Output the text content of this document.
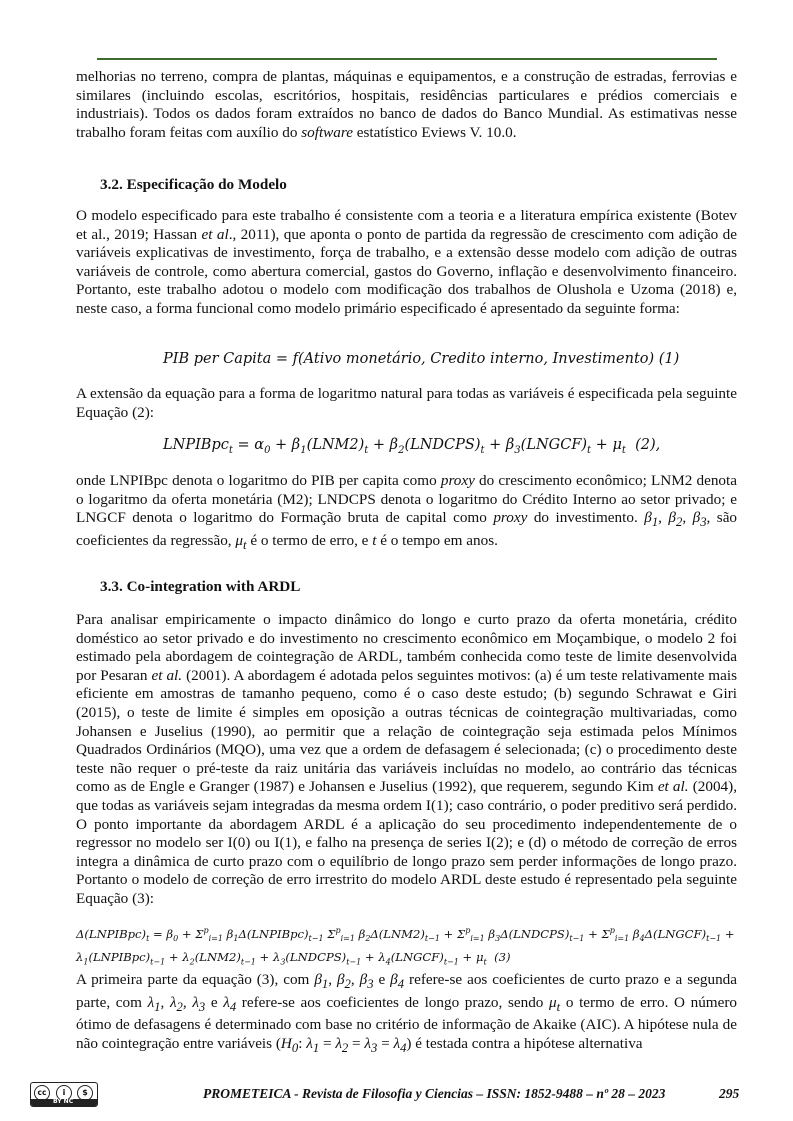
melhorias no terreno, compra de plantas, máquinas e equipamentos, e a construção de estradas, ferrovias e similares (incluindo escolas, escritórios, hospitais, residências particulares e prédios comerciais e industriais). Todos os dados foram extraídos no banco de dados do Banco Mundial. As estimativas nesse trabalho foram feitas com auxílio do software estatístico Eviews V. 10.0.

3.2. Especificação do Modelo

O modelo especificado para este trabalho é consistente com a teoria e a literatura empírica existente (Botev et al., 2019; Hassan et al., 2011), que aponta o ponto de partida da regressão de crescimento com adição de variáveis explicativas de investimento, força de trabalho, e a extensão desse modelo com adição de outras variáveis de controle, como abertura comercial, gastos do Governo, inflação e desenvolvimento financeiro. Portanto, este trabalho adotou o modelo com modificação dos trabalhos de Olushola e Uzoma (2018) e, neste caso, a forma funcional como modelo primário especificado é apresentado da seguinte forma:

PIB per Capita = f(Ativo monetário, Credito interno, Investimento) (1)

A extensão da equação para a forma de logaritmo natural para todas as variáveis é especificada pela seguinte Equação (2):

LNPIBpc$_t$ = $\alpha_0 + \beta_1(LNM2)_t$ + $\beta_2(LNDCPS)_t$ + $\beta_3(LNGCF)_t + \mu_t$  (2),

onde LNPIBpc denota o logaritmo do PIB per capita como proxy do crescimento econômico; LNM2 denota o logaritmo da oferta monetária (M2); LNDCPS denota o logaritmo do Crédito Interno ao setor privado; e LNGCF denota o logaritmo do Formação bruta de capital como proxy do investimento. $\beta_1$, $\beta_2$, $\beta_3$, são coeficientes da regressão, $\mu_t$ é o termo de erro, e t é o tempo em anos.

3.3. Co-integration with ARDL

Para analisar empiricamente o impacto dinâmico do longo e curto prazo da oferta monetária, crédito doméstico ao setor privado e do investimento no crescimento econômico em Moçambique, o modelo 2 foi estimado pela abordagem de cointegração de ARDL, também conhecida como teste de limite desenvolvida por Pesaran et al. (2001). A abordagem é adotada pelos seguintes motivos: (a) é um teste relativamente mais eficiente em amostras de tamanho pequeno, como é o caso deste estudo; (b) segundo Schrawat e Giri (2015), o teste de limite é simples em oposição a outras técnicas de cointegração multivariadas, como Johansen e Juselius (1990), ao permitir que a relação de cointegração seja estimada pelos Mínimos Quadrados Ordinários (MQO), uma vez que a ordem de defasagem é selecionada; (c) o procedimento deste teste não requer o pré-teste da raiz unitária das variáveis incluídas no modelo, ao contrário das técnicas como as de Engle e Granger (1987) e Johansen e Juselius (1992), que requerem, segundo Kim et al. (2004), que todas as variáveis sejam integradas da mesma ordem I(1); caso contrário, o poder preditivo será perdido. O ponto importante da abordagem ARDL é a aplicação do seu procedimento independentemente de o regressor no modelo ser I(0) ou I(1), e falho na presença de series I(2); e (d) o método de correção de erros integra a dinâmica de curto prazo com o equilíbrio de longo prazo sem perder informações de longo prazo. Portanto o modelo de correção de erro irrestrito do modelo ARDL deste estudo é representado pela seguinte Equação (3):

$\Delta(LNPIBpc)_t = \beta_0 + \Sigma^p_{i=1}$ $\beta_1\Delta(LNPIBpc)_{t-1}$ $\Sigma^p_{i=1}$ $\beta_2\Delta(LNM2)_{t-1} + \Sigma^p_{i=1}$ $\beta_3\Delta(LNDCPS)_{t-1} + \Sigma^p_{i=1}$ $\beta_4\Delta(LNGCF)_{t-1}$ +
$\lambda_1(LNPIBpc)_{t-1} + \lambda_2(LNM2)_{t-1}$ + $\lambda_3(LNDCPS)_{t-1}$ + $\lambda_4(LNGCF)_{t-1} + \mu_t$  (3)

A primeira parte da equação (3), com $\beta_1$, $\beta_2$, $\beta_3$ e $\beta_4$ refere-se aos coeficientes de curto prazo e a segunda parte, com $\lambda_1$, $\lambda_2$, $\lambda_3$ e $\lambda_4$ refere-se aos coeficientes de longo prazo, sendo $\mu_t$ o termo de erro. O número ótimo de defasagens é determinado com base no critério de informação de Akaike (AIC). A hipótese nula de não cointegração entre variáveis ($H_0$: $\lambda_1 = \lambda_2 = \lambda_3 = \lambda_4$) é testada contra a hipótese alternativa

cc	i	$
BY NC
PROMETEICA - Revista de Filosofia y Ciencias – ISSN: 1852-9488 – nº 28 – 2023	295
